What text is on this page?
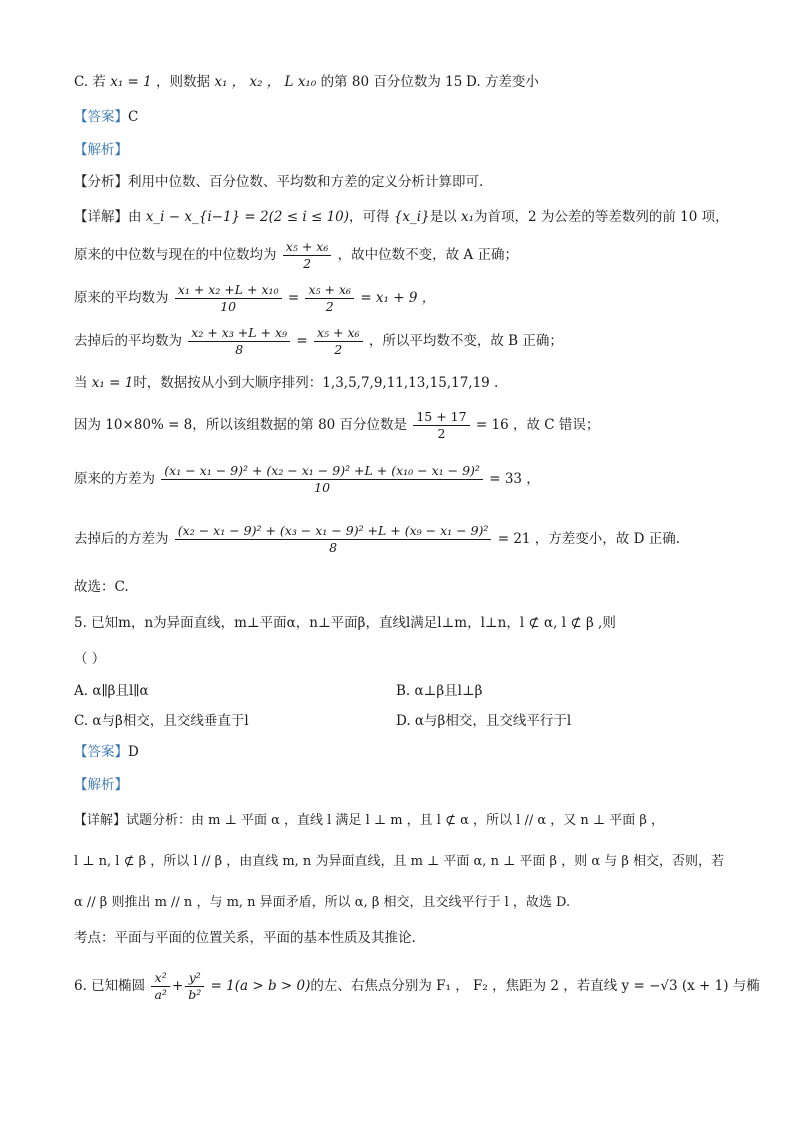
C. 若 x₁ = 1 ，则数据 x₁ ， x₂ ， L x₁₀ 的第 80 百分位数为 15 D. 方差变小
【答案】C
【解析】
【分析】利用中位数、百分位数、平均数和方差的定义分析计算即可.
【详解】由 x_i − x_{i−1} = 2(2 ≤ i ≤ 10)，可得 {x_i}是以 x₁为首项，2 为公差的等差数列的前 10 项，
原来的中位数与现在的中位数均为 $\frac{\text{x₅ + x₆}}{2}$ ，故中位数不变，故 A 正确；
原来的平均数为 $\frac{\text{x₁ + x₂ +L + x₁₀}}{10} = \frac{\text{x₅ + x₆}}{2} = x_1 + 9$ ，
去掉后的平均数为 $\frac{\text{x₂ + x₃ +L + x₉}}{8} = \frac{\text{x₅ + x₆}}{2}$ ，所以平均数不变，故 B 正确；
当 x₁ = 1时，数据按从小到大顺序排列：1,3,5,7,9,11,13,15,17,19 .
因为 10×80% = 8，所以该组数据的第 80 百分位数是 $\frac{15 + 17}{2} = 16$ ，故 C 错误；
原来的方差为 $\frac{\text{(x₁ − x₁ − 9)² + (x₂ − x₁ − 9)² +L + (x₁₀ − x₁ − 9)²}}{10} = 33$ ，
去掉后的方差为 $\frac{\text{(x₂ − x₁ − 9)² + (x₃ − x₁ − 9)² +L + (x₉ − x₁ − 9)²}}{8} = 21$ ，方差变小，故 D 正确.
故选：C.
5. 已知m，n为异面直线，m⊥平面α，n⊥平面β，直线l满足l⊥m，l⊥n，l ⊄ α, l ⊄ β ,则
（ ）
A. α∥β且l∥α	B. α⊥β且l⊥β
C. α与β相交，且交线垂直于l	D. α与β相交，且交线平行于l
【答案】D
【解析】
【详解】试题分析：由 m ⊥ 平面 α ，直线 l 满足 l ⊥ m ，且 l ⊄ α ，所以 l // α ，又 n ⊥ 平面 β ，
l ⊥ n, l ⊄ β ，所以 l // β ，由直线 m, n 为异面直线，且 m ⊥ 平面 α, n ⊥ 平面 β ，则 α 与 β 相交，否则，若
α // β 则推出 m // n ，与 m, n 异面矛盾，所以 α, β 相交，且交线平行于 l ，故选 D.
考点：平面与平面的位置关系，平面的基本性质及其推论.
6. 已知椭圆 $\frac{\text{x²}}{\text{a²}} + \frac{\text{y²}}{\text{b²}} = 1(a > b > 0)$的左、右焦点分别为 F₁ ， F₂ ，焦距为 2 ，若直线 y = −√3 (x + 1) 与椭
